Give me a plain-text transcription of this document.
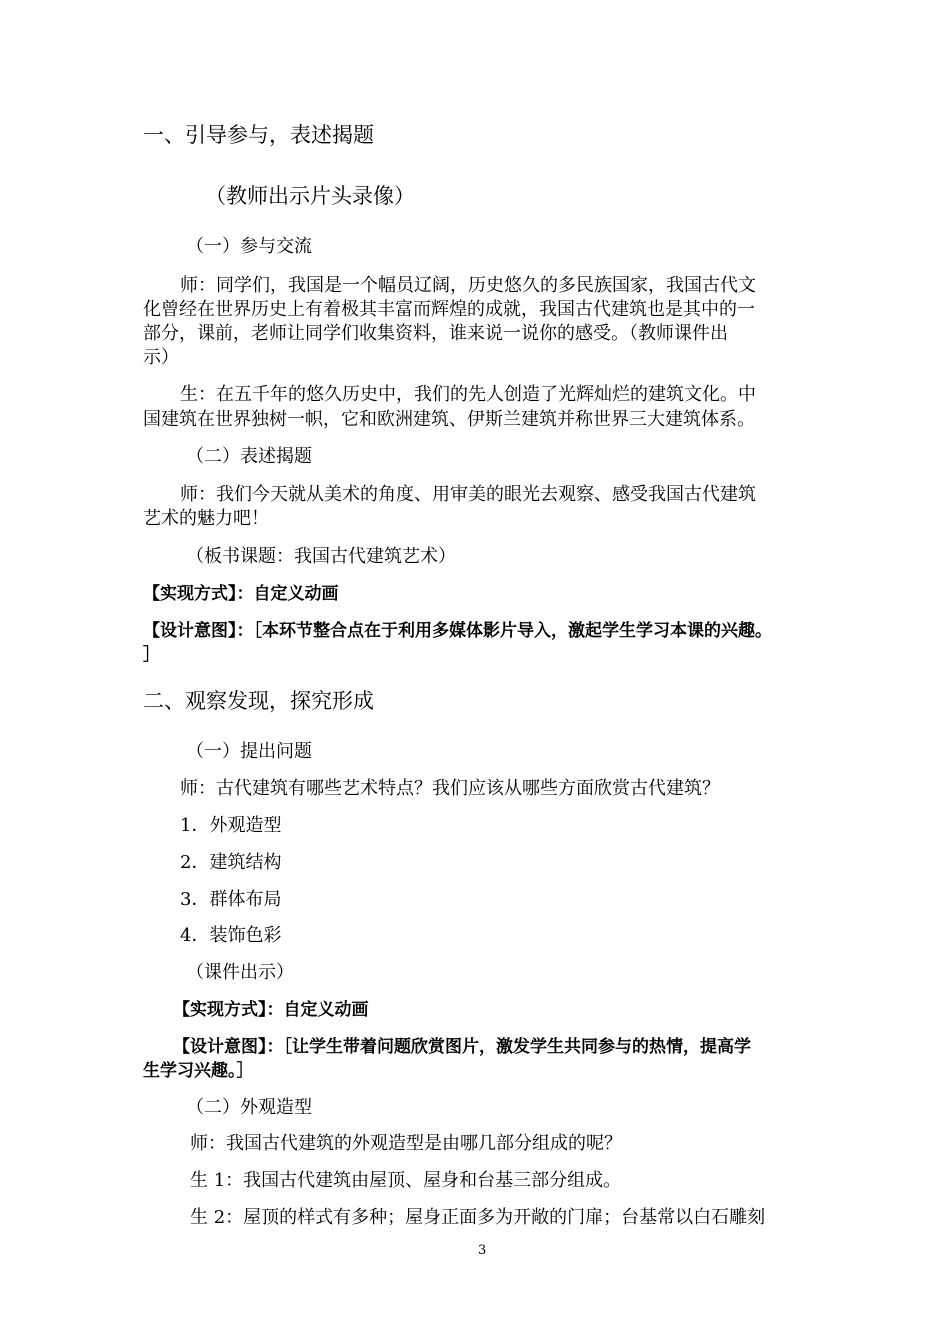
一、引导参与，表述揭题
（教师出示片头录像）
（一）参与交流
师：同学们，我国是一个幅员辽阔，历史悠久的多民族国家，我国古代文
化曾经在世界历史上有着极其丰富而辉煌的成就，我国古代建筑也是其中的一
部分，课前，老师让同学们收集资料，谁来说一说你的感受。（教师课件出
示）
生：在五千年的悠久历史中，我们的先人创造了光辉灿烂的建筑文化。中
国建筑在世界独树一帜，它和欧洲建筑、伊斯兰建筑并称世界三大建筑体系。
（二）表述揭题
师：我们今天就从美术的角度、用审美的眼光去观察、感受我国古代建筑
艺术的魅力吧！
（板书课题：我国古代建筑艺术）
【实现方式】：自定义动画
【设计意图】：［本环节整合点在于利用多媒体影片导入，激起学生学习本课的兴趣。
］
二、观察发现，探究形成
（一）提出问题
师：古代建筑有哪些艺术特点？我们应该从哪些方面欣赏古代建筑？
1．外观造型
2．建筑结构
3．群体布局
4．装饰色彩
（课件出示）
【实现方式】：自定义动画
【设计意图】：［让学生带着问题欣赏图片，激发学生共同参与的热情，提高学
生学习兴趣。］
（二）外观造型
师：我国古代建筑的外观造型是由哪几部分组成的呢？
生 1：我国古代建筑由屋顶、屋身和台基三部分组成。
生 2：屋顶的样式有多种；屋身正面多为开敞的门扉；台基常以白石雕刻
3
